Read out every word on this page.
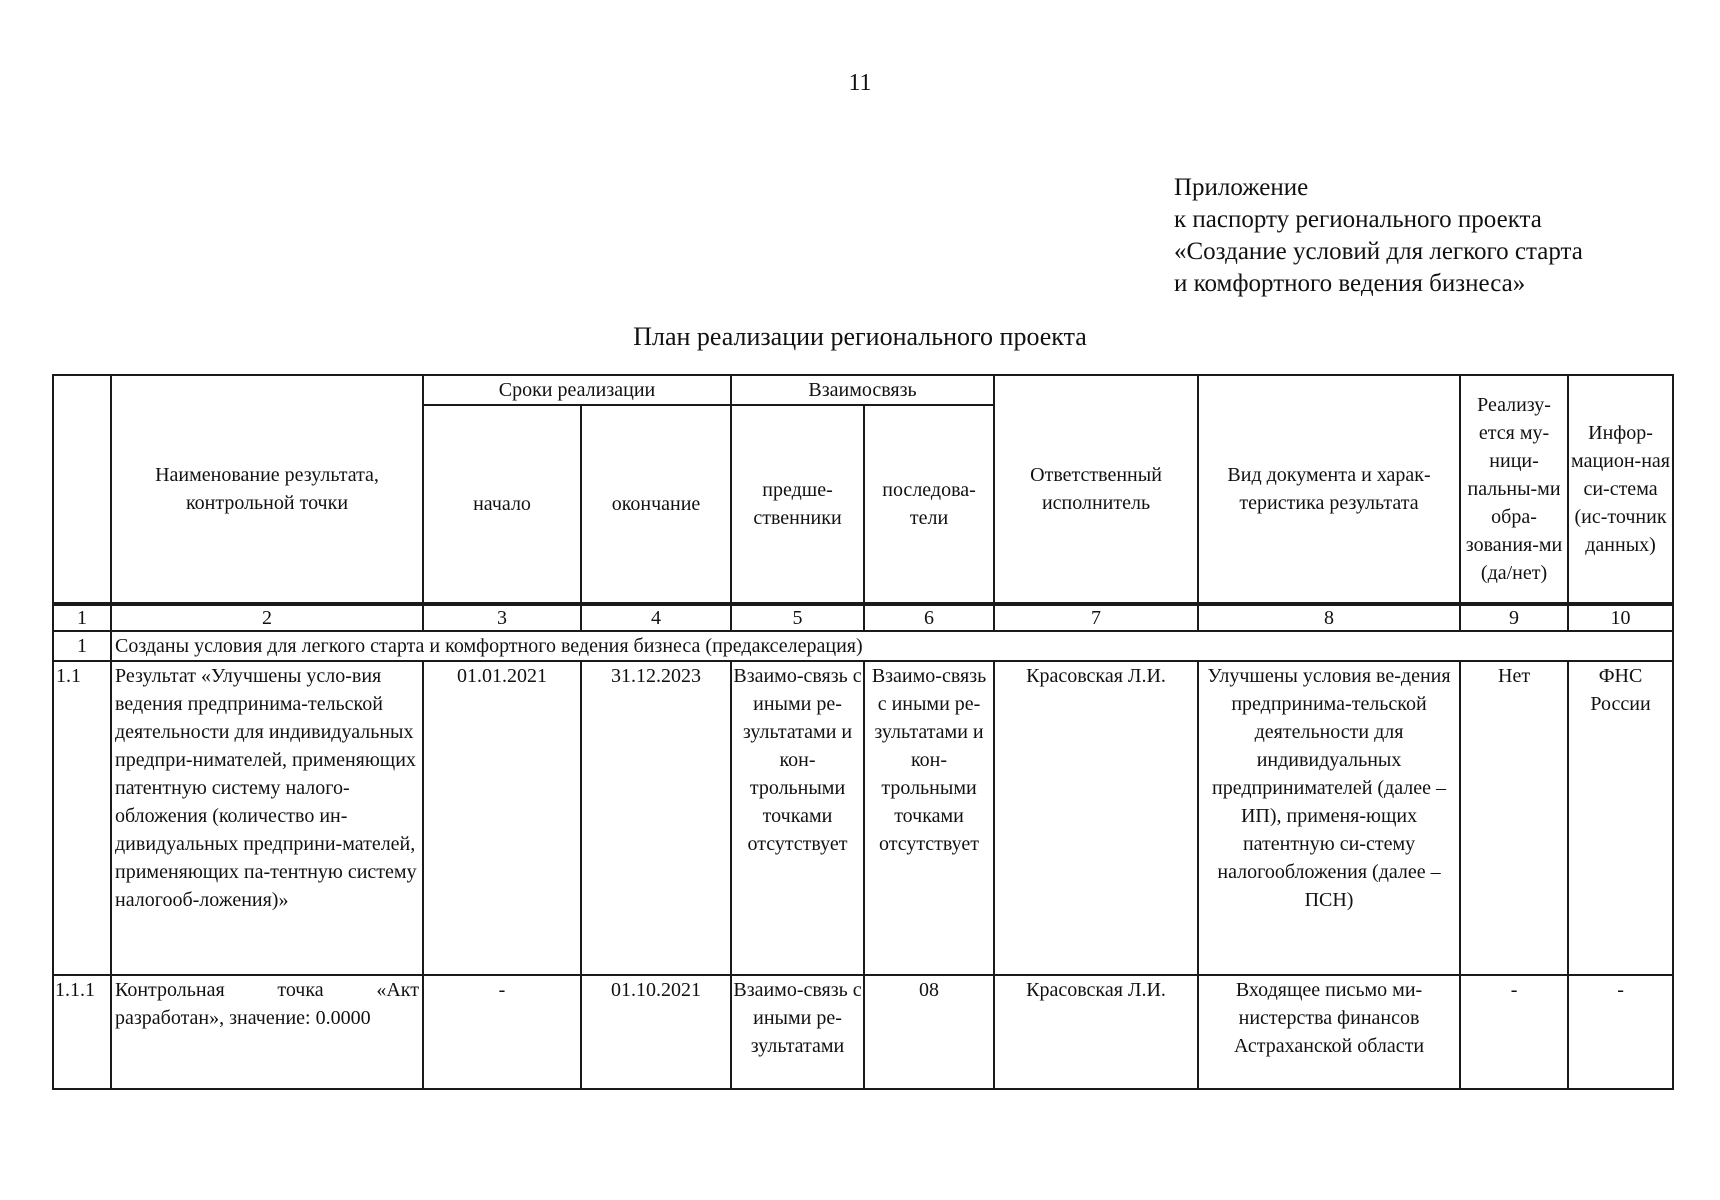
11
Приложение
к паспорту регионального проекта
«Создание условий для легкого старта
и комфортного ведения бизнеса»
План реализации регионального проекта
	Наименование результата, контрольной точки	Сроки реализации		Взаимосвязь		Ответственный исполнитель	Вид документа и харак-теристика результата	Реализу-ется му-ници-пальны-ми обра-зования-ми (да/нет)	Инфор-мацион-ная си-стема (ис-точник данных)
		начало	окончание	предше-ственники	последова-тели				
1	2	3	4	5	6	7	8	9	10
1	Созданы условия для легкого старта и комфортного ведения бизнеса (предакселерация)								
1.1	Результат «Улучшены усло-вия ведения предпринима-тельской деятельности для индивидуальных предпри-нимателей, применяющих патентную систему налого-обложения (количество ин-дивидуальных предприни-мателей, применяющих па-тентную систему налогооб-ложения)»	01.01.2021	31.12.2023	Взаимо-связь с иными ре-зультатами и кон-трольными точками отсутствует	Взаимо-связь с иными ре-зультатами и кон-трольными точками отсутствует	Красовская Л.И.	Улучшены условия ве-дения предпринима-тельской деятельности для индивидуальных предпринимателей (далее – ИП), применя-ющих патентную си-стему налогообложения (далее – ПСН)	Нет	ФНС России
1.1.1	Контрольная точка «Акт разработан», значение: 0.0000	-	01.10.2021	Взаимо-связь с иными ре-зультатами	08	Красовская Л.И.	Входящее письмо ми-нистерства финансов Астраханской области	-	-
